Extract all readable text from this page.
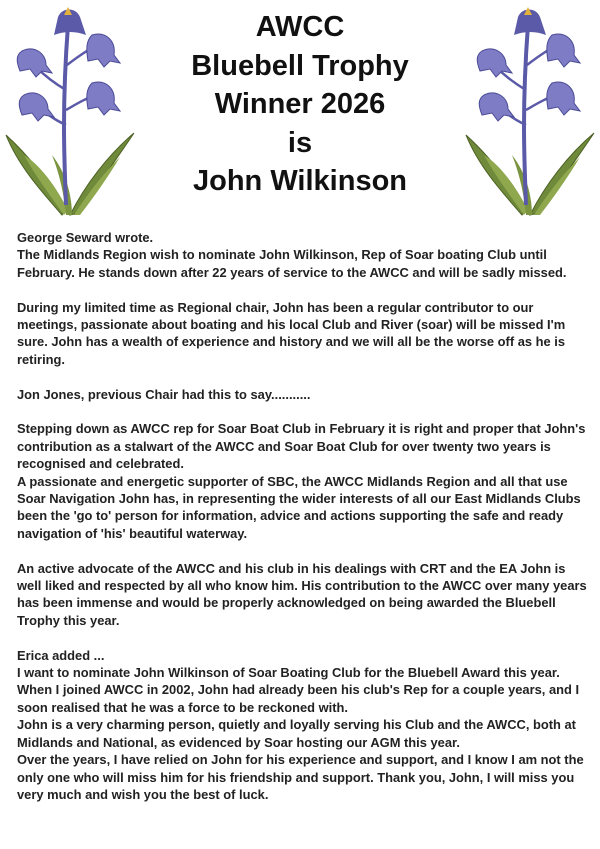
AWCC
Bluebell Trophy
Winner 2026
is
John Wilkinson

George Seward wrote.

The Midlands Region wish to nominate John Wilkinson, Rep of Soar boating Club until February. He stands down after 22 years of service to the AWCC and will be sadly missed.

During my limited time as Regional chair, John has been a regular contributor to our meetings, passionate about boating and his local Club and River (soar) will be missed I'm sure. John has a wealth of experience and history and we will all be the worse off as he is retiring.

Jon Jones, previous Chair had this to say...........

Stepping down as AWCC rep for Soar Boat Club in February it is right and proper that John's contribution as a stalwart of the AWCC and Soar Boat Club for over twenty two years is recognised and celebrated.

A passionate and energetic supporter of SBC, the AWCC Midlands Region and all that use Soar Navigation John has, in representing the wider interests of all our East Midlands Clubs been the 'go to' person for information, advice and actions supporting the safe and ready navigation of 'his' beautiful waterway.

An active advocate of the AWCC and his club in his dealings with CRT and the EA John is well liked and respected by all who know him. His contribution to the AWCC over many years has been immense and would be properly acknowledged on being awarded the Bluebell Trophy this year.

Erica added ...

I want to nominate John Wilkinson of Soar Boating Club for the Bluebell Award this year. When I joined AWCC in 2002, John had already been his club's Rep for a couple years, and I soon realised that he was a force to be reckoned with.

John is a very charming person, quietly and loyally serving his Club and the AWCC, both at Midlands and National, as evidenced by Soar hosting our AGM this year.

Over the years, I have relied on John for his experience and support, and I know I am not the only one who will miss him for his friendship and support. Thank you, John, I will miss you very much and wish you the best of luck.
